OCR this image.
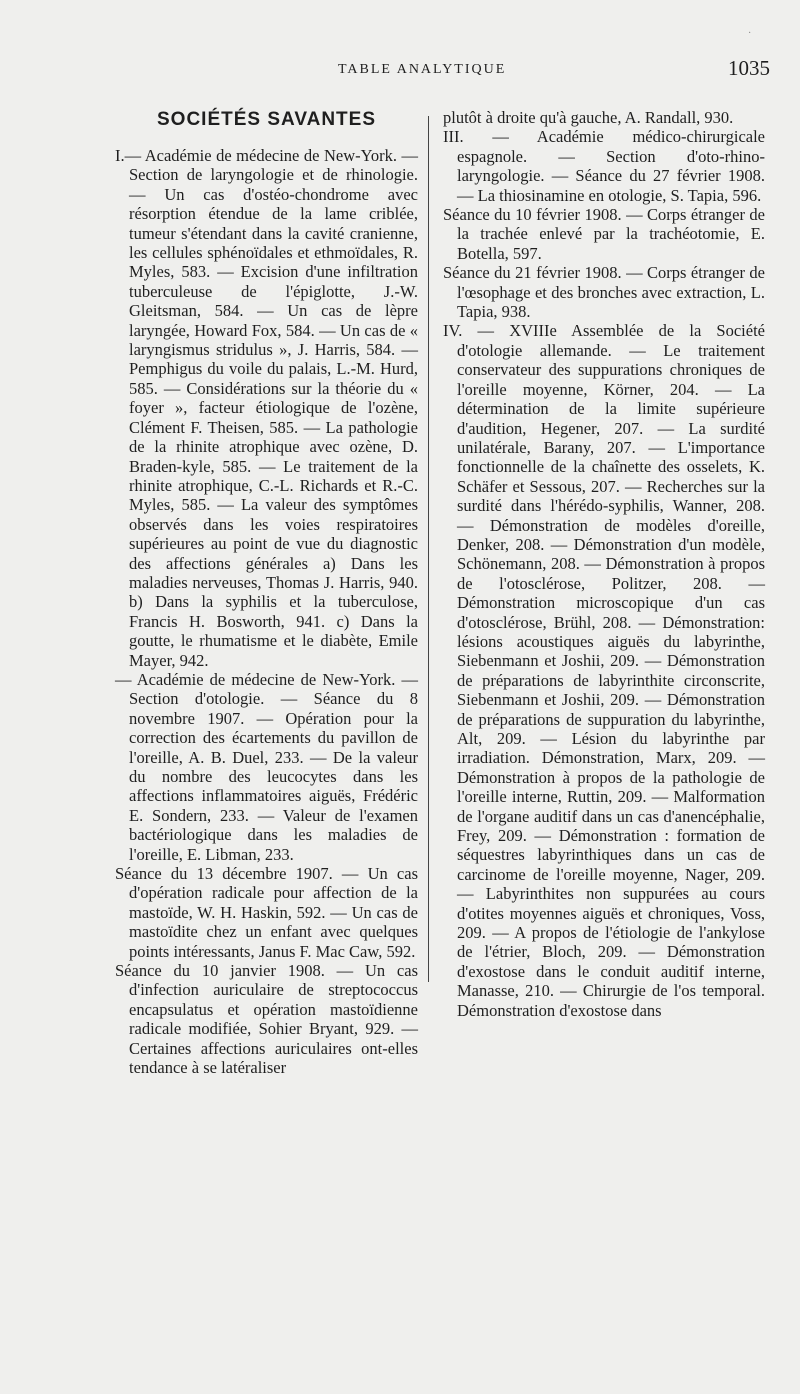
·
TABLE ANALYTIQUE	1035
SOCIÉTÉS SAVANTES

I.— Académie de médecine de New-York. — Section de laryngologie et de rhinologie. — Un cas d'ostéo-chondrome avec résorption étendue de la lame criblée, tumeur s'étendant dans la cavité cranienne, les cellules sphénoïdales et ethmoïdales, R. Myles, 583. — Excision d'une infiltration tuberculeuse de l'épiglotte, J.-W. Gleitsman, 584. — Un cas de lèpre laryngée, Howard Fox, 584. — Un cas de « laryngismus stridulus », J. Harris, 584. — Pemphigus du voile du palais, L.-M. Hurd, 585. — Considérations sur la théorie du « foyer », facteur étiologique de l'ozène, Clément F. Theisen, 585. — La pathologie de la rhinite atrophique avec ozène, D. Braden-kyle, 585. — Le traitement de la rhinite atrophique, C.-L. Richards et R.-C. Myles, 585. — La valeur des symptômes observés dans les voies respiratoires supérieures au point de vue du diagnostic des affections générales a) Dans les maladies nerveuses, Thomas J. Harris, 940. b) Dans la syphilis et la tuberculose, Francis H. Bosworth, 941. c) Dans la goutte, le rhumatisme et le diabète, Emile Mayer, 942.

— Académie de médecine de New-York. — Section d'otologie. — Séance du 8 novembre 1907. — Opération pour la correction des écartements du pavillon de l'oreille, A. B. Duel, 233. — De la valeur du nombre des leucocytes dans les affections inflammatoires aiguës, Frédéric E. Sondern, 233. — Valeur de l'examen bactériologique dans les maladies de l'oreille, E. Libman, 233.

Séance du 13 décembre 1907. — Un cas d'opération radicale pour affection de la mastoïde, W. H. Haskin, 592. — Un cas de mastoïdite chez un enfant avec quelques points intéressants, Janus F. Mac Caw, 592.

Séance du 10 janvier 1908. — Un cas d'infection auriculaire de streptococcus encapsulatus et opération mastoïdienne radicale modifiée, Sohier Bryant, 929. — Certaines affections auriculaires ont-elles tendance à se latéraliser

plutôt à droite qu'à gauche, A. Randall, 930.

III. — Académie médico-chirurgicale espagnole. — Section d'oto-rhino-laryngologie. — Séance du 27 février 1908. — La thiosinamine en otologie, S. Tapia, 596.

Séance du 10 février 1908. — Corps étranger de la trachée enlevé par la trachéotomie, E. Botella, 597.

Séance du 21 février 1908. — Corps étranger de l'œsophage et des bronches avec extraction, L. Tapia, 938.

IV. — XVIIIe Assemblée de la Société d'otologie allemande. — Le traitement conservateur des suppurations chroniques de l'oreille moyenne, Körner, 204. — La détermination de la limite supérieure d'audition, Hegener, 207. — La surdité unilatérale, Barany, 207. — L'importance fonctionnelle de la chaînette des osselets, K. Schäfer et Sessous, 207. — Recherches sur la surdité dans l'hérédo-syphilis, Wanner, 208. — Démonstration de modèles d'oreille, Denker, 208. — Démonstration d'un modèle, Schönemann, 208. — Démonstration à propos de l'otosclérose, Politzer, 208. — Démonstration microscopique d'un cas d'otosclérose, Brühl, 208. — Démonstration: lésions acoustiques aiguës du labyrinthe, Siebenmann et Joshii, 209. — Démonstration de préparations de labyrinthite circonscrite, Siebenmann et Joshii, 209. — Démonstration de préparations de suppuration du labyrinthe, Alt, 209. — Lésion du labyrinthe par irradiation. Démonstration, Marx, 209. —Démonstration à propos de la pathologie de l'oreille interne, Ruttin, 209. — Malformation de l'organe auditif dans un cas d'anencéphalie, Frey, 209. — Démonstration : formation de séquestres labyrinthiques dans un cas de carcinome de l'oreille moyenne, Nager, 209. — Labyrinthites non suppurées au cours d'otites moyennes aiguës et chroniques, Voss, 209. — A propos de l'étiologie de l'ankylose de l'étrier, Bloch, 209. — Démonstration d'exostose dans le conduit auditif interne, Manasse, 210. — Chirurgie de l'os temporal. Démonstration d'exostose dans
